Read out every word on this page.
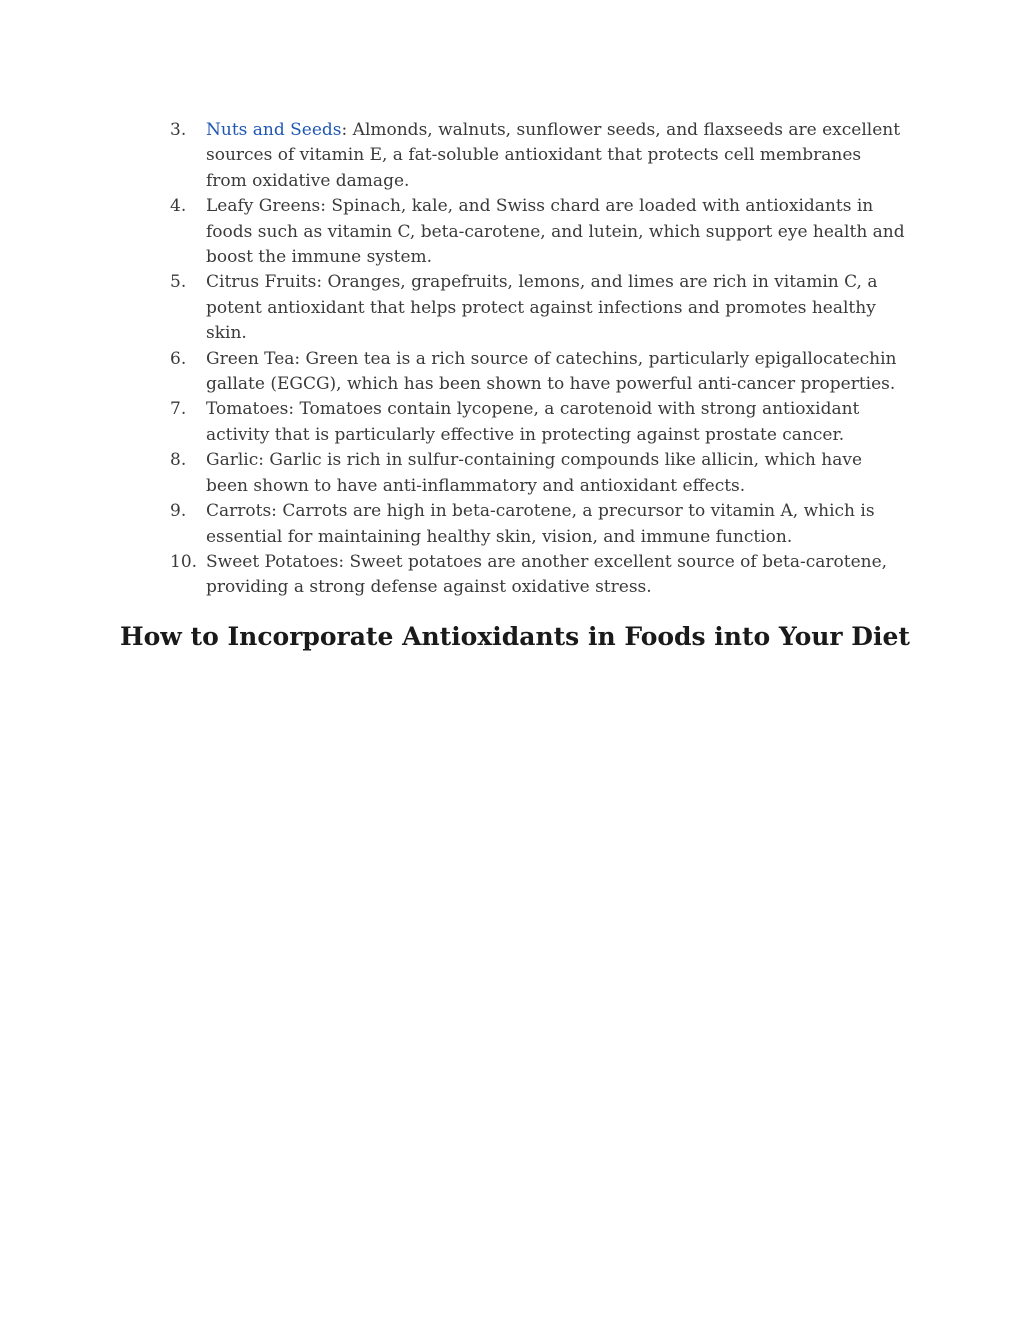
3.	Nuts and Seeds: Almonds, walnuts, sunflower seeds, and flaxseeds are excellent sources of vitamin E, a fat-soluble antioxidant that protects cell membranes from oxidative damage.
4.	Leafy Greens: Spinach, kale, and Swiss chard are loaded with antioxidants in foods such as vitamin C, beta-carotene, and lutein, which support eye health and boost the immune system.
5.	Citrus Fruits: Oranges, grapefruits, lemons, and limes are rich in vitamin C, a potent antioxidant that helps protect against infections and promotes healthy skin.
6.	Green Tea: Green tea is a rich source of catechins, particularly epigallocatechin gallate (EGCG), which has been shown to have powerful anti-cancer properties.
7.	Tomatoes: Tomatoes contain lycopene, a carotenoid with strong antioxidant activity that is particularly effective in protecting against prostate cancer.
8.	Garlic: Garlic is rich in sulfur-containing compounds like allicin, which have been shown to have anti-inflammatory and antioxidant effects.
9.	Carrots: Carrots are high in beta-carotene, a precursor to vitamin A, which is essential for maintaining healthy skin, vision, and immune function.
10. Sweet Potatoes: Sweet potatoes are another excellent source of beta-carotene, providing a strong defense against oxidative stress.
How to Incorporate Antioxidants in Foods into Your Diet
